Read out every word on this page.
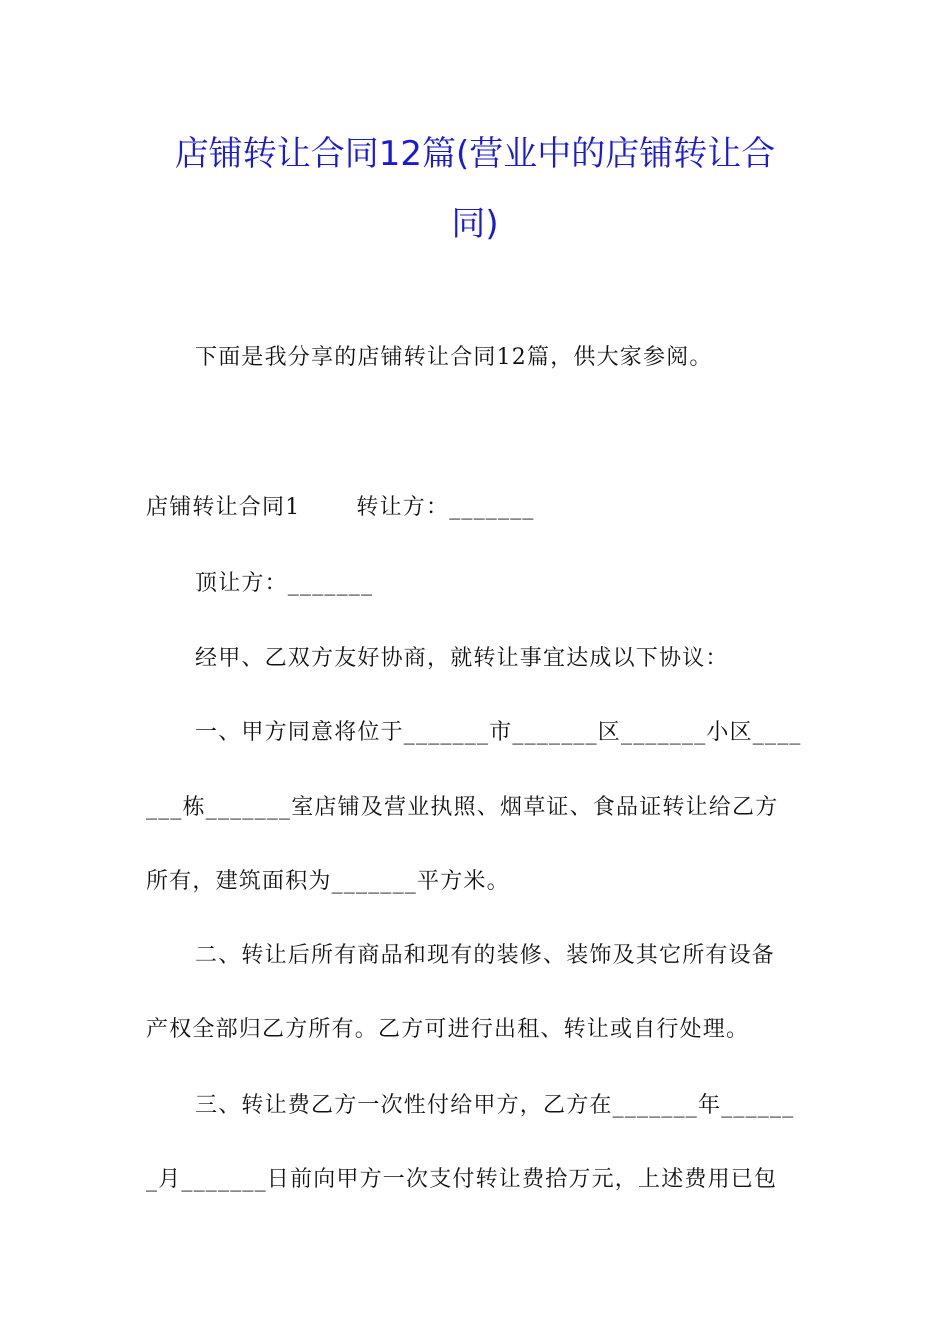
店铺转让合同12篇(营业中的店铺转让合
同)
下面是我分享的店铺转让合同12篇，供大家参阅。
店铺转让合同1	转让方：_______
顶让方：_______
经甲、乙双方友好协商，就转让事宜达成以下协议：
一、甲方同意将位于_______市_______区_______小区____
___栋_______室店铺及营业执照、烟草证、食品证转让给乙方
所有，建筑面积为_______平方米。
二、转让后所有商品和现有的装修、装饰及其它所有设备
产权全部归乙方所有。乙方可进行出租、转让或自行处理。
三、转让费乙方一次性付给甲方，乙方在_______年______
_月_______日前向甲方一次支付转让费拾万元，上述费用已包
